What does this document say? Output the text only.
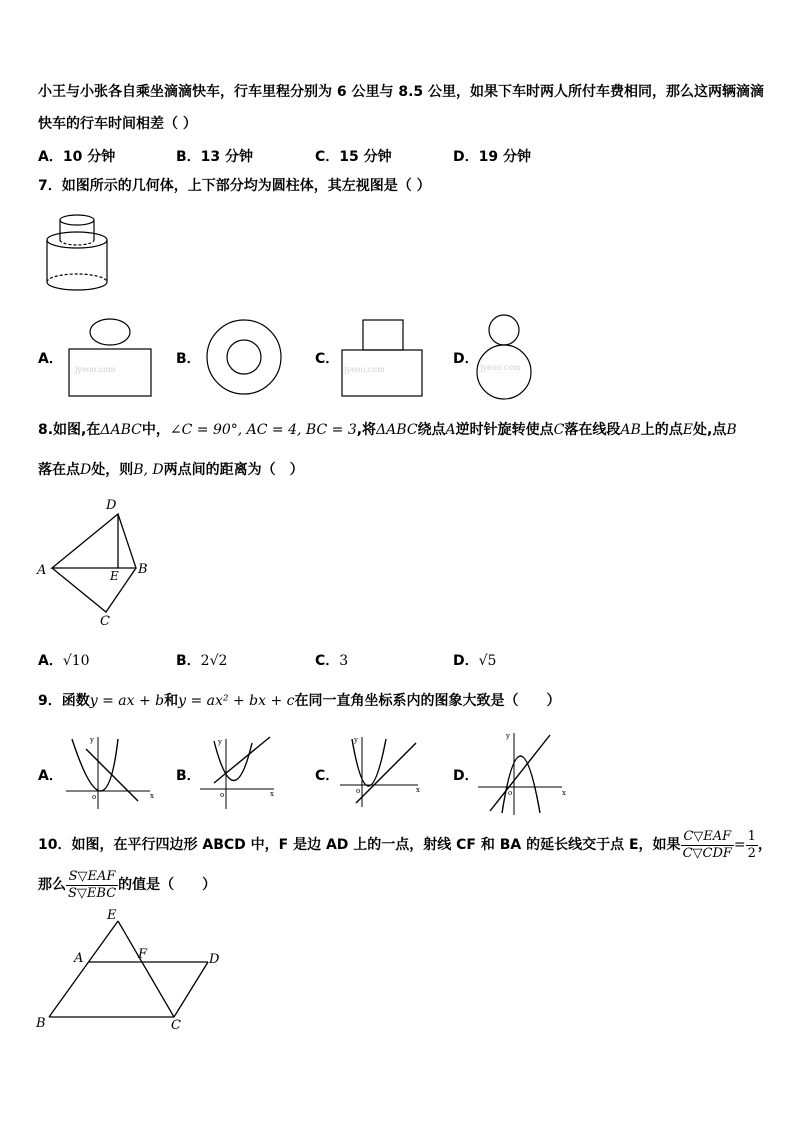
小王与小张各自乘坐滴滴快车，行车里程分别为 6 公里与 8.5 公里，如果下车时两人所付车费相同，那么这两辆滴滴
快车的行车时间相差（ ）
A．10 分钟	B．13 分钟	C．15 分钟	D．19 分钟
7．如图所示的几何体，上下部分均为圆柱体，其左视图是（ ）
A．
jyeoo.com
B．	C．
jyeoo.com
D．
jyeoo.com
8.如图,在ΔABC中，∠C = 90°, AC = 4, BC = 3,将ΔABC绕点A逆时针旋转使点C落在线段AB上的点E处,点B
落在点D处，则B, D两点间的距离为（　）
D
A	B
E
C
A．√10	B．2√2	C．3	D．√5
9．函数y = ax + b和y = ax² + bx + c在同一直角坐标系内的图象大致是（　　）
A．
x
y
o
B．
x
y
o
C．
x
y
o
D．
x
y
o
10．如图，在平行四边形 ABCD 中，F 是边 AD 上的一点，射线 CF 和 BA 的延长线交于点 E，如果 $\frac{\text{C▽EAF}}{\text{C▽CDF}} = \frac{1}{2}$ ，
那么 $\frac{\text{S▽EAF}}{\text{S▽EBC}}$ 的值是（　　）
E
A	F	D
B	C
